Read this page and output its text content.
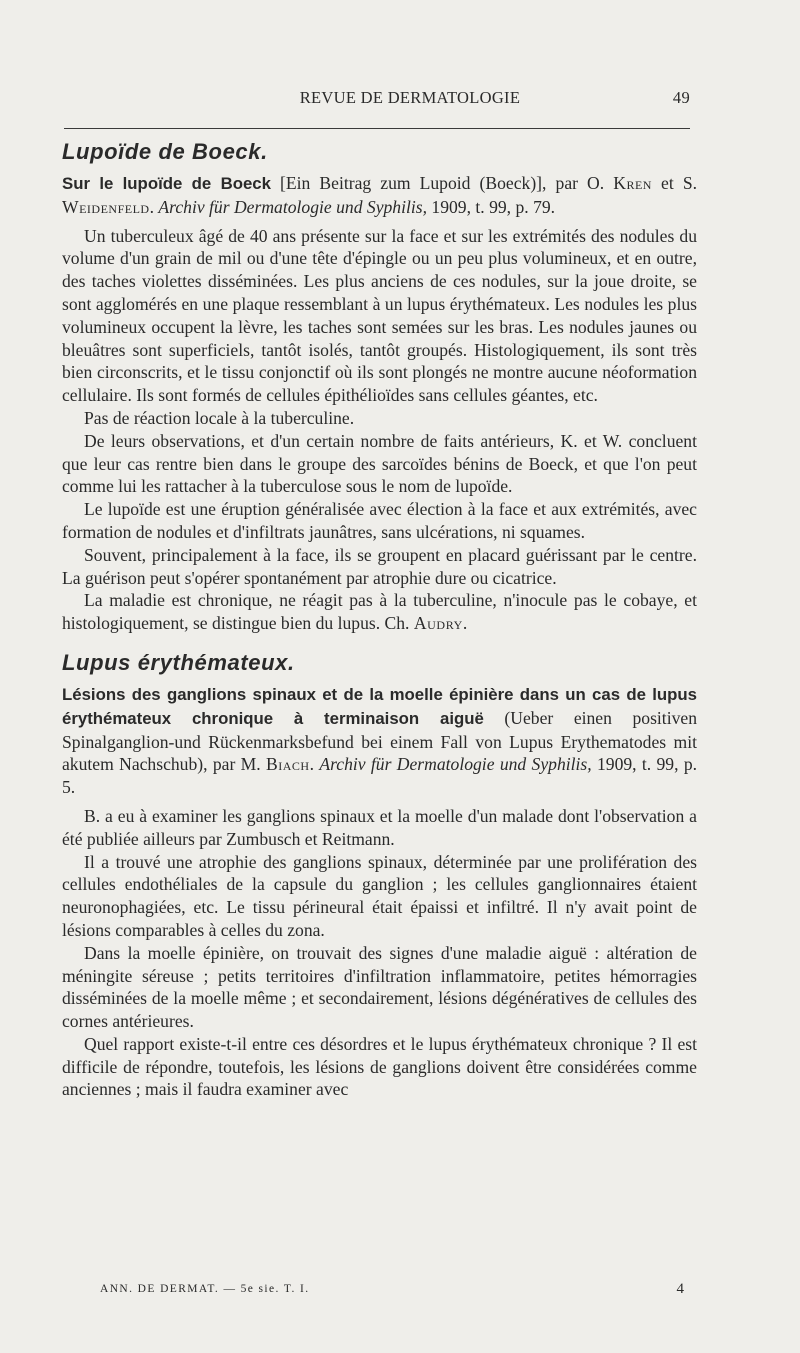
REVUE DE DERMATOLOGIE	49
Lupoïde de Boeck.

Sur le lupoïde de Boeck [Ein Beitrag zum Lupoid (Boeck)], par O. Kren et S. Weidenfeld. Archiv für Dermatologie und Syphilis, 1909, t. 99, p. 79.

Un tuberculeux âgé de 40 ans présente sur la face et sur les extrémités des nodules du volume d'un grain de mil ou d'une tête d'épingle ou un peu plus volumineux, et en outre, des taches violettes disséminées. Les plus anciens de ces nodules, sur la joue droite, se sont agglomérés en une plaque ressemblant à un lupus érythémateux. Les nodules les plus volumineux occupent la lèvre, les taches sont semées sur les bras. Les nodules jaunes ou bleuâtres sont superficiels, tantôt isolés, tantôt groupés. Histologiquement, ils sont très bien circonscrits, et le tissu conjonctif où ils sont plongés ne montre aucune néoformation cellulaire. Ils sont formés de cellules épithélioïdes sans cellules géantes, etc.

Pas de réaction locale à la tuberculine.

De leurs observations, et d'un certain nombre de faits antérieurs, K. et W. concluent que leur cas rentre bien dans le groupe des sarcoïdes bénins de Boeck, et que l'on peut comme lui les rattacher à la tuberculose sous le nom de lupoïde.

Le lupoïde est une éruption généralisée avec élection à la face et aux extrémités, avec formation de nodules et d'infiltrats jaunâtres, sans ulcérations, ni squames.

Souvent, principalement à la face, ils se groupent en placard guérissant par le centre. La guérison peut s'opérer spontanément par atrophie dure ou cicatrice.

La maladie est chronique, ne réagit pas à la tuberculine, n'inocule pas le cobaye, et histologiquement, se distingue bien du lupus. Ch. Audry.

Lupus érythémateux.

Lésions des ganglions spinaux et de la moelle épinière dans un cas de lupus érythémateux chronique à terminaison aiguë (Ueber einen positiven Spinalganglion-und Rückenmarksbefund bei einem Fall von Lupus Erythematodes mit akutem Nachschub), par M. Biach. Archiv für Dermatologie und Syphilis, 1909, t. 99, p. 5.

B. a eu à examiner les ganglions spinaux et la moelle d'un malade dont l'observation a été publiée ailleurs par Zumbusch et Reitmann.

Il a trouvé une atrophie des ganglions spinaux, déterminée par une prolifération des cellules endothéliales de la capsule du ganglion ; les cellules ganglionnaires étaient neuronophagiées, etc. Le tissu périneural était épaissi et infiltré. Il n'y avait point de lésions comparables à celles du zona.

Dans la moelle épinière, on trouvait des signes d'une maladie aiguë : altération de méningite séreuse ; petits territoires d'infiltration inflammatoire, petites hémorragies disséminées de la moelle même ; et secondairement, lésions dégénératives de cellules des cornes antérieures.

Quel rapport existe-t-il entre ces désordres et le lupus érythémateux chronique ? Il est difficile de répondre, toutefois, les lésions de ganglions doivent être considérées comme anciennes ; mais il faudra examiner avec

ANN. DE DERMAT. — 5e sie. T. I.	4
